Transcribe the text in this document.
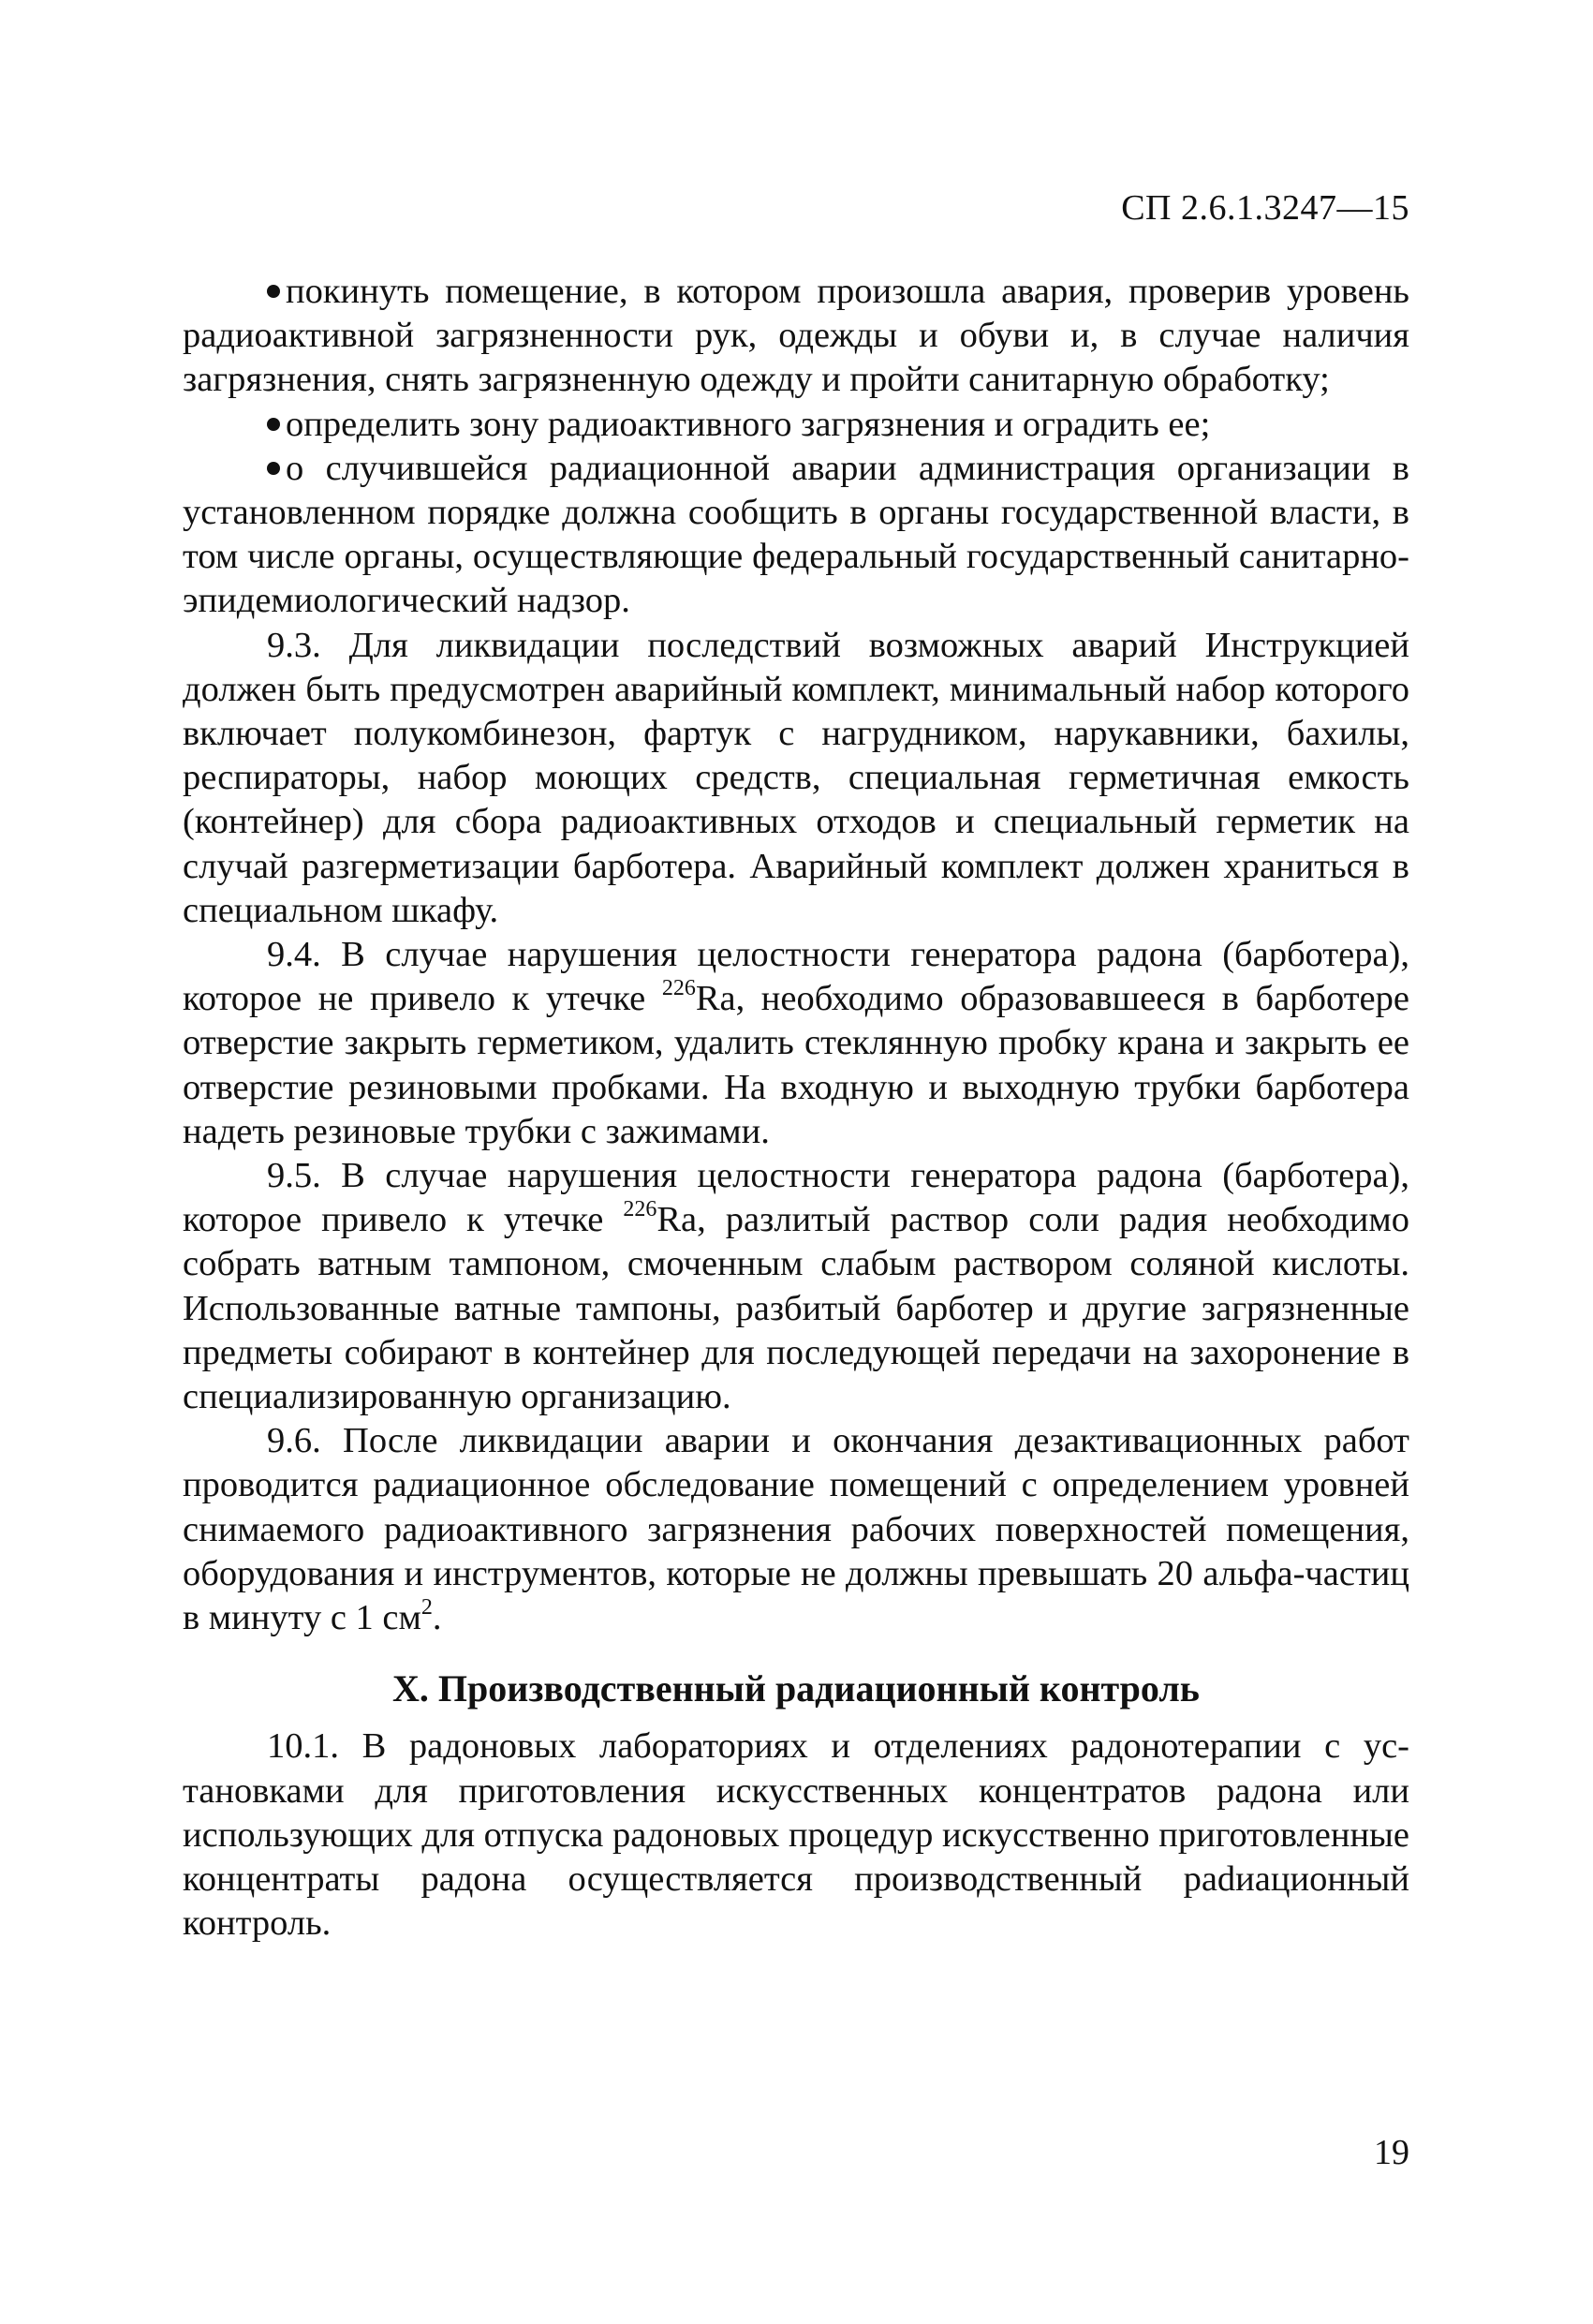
СП 2.6.1.3247—15

покинуть помещение, в котором произошла авария, проверив уровень радиоактивной загрязненности рук, одежды и обуви и, в случае наличия загрязнения, снять загрязненную одежду и пройти санитарную обработку;

определить зону радиоактивного загрязнения и оградить ее;

о случившейся радиационной аварии администрация организации в установленном порядке должна сообщить в органы государственной власти, в том числе органы, осуществляющие федеральный государственный санитарно-эпидемиологический надзор.

9.3. Для ликвидации последствий возможных аварий Инструкцией должен быть предусмотрен аварийный комплект, минимальный набор которого включает полукомбинезон, фартук с нагрудником, нарукавники, бахилы, респираторы, набор моющих средств, специальная герметичная емкость (контейнер) для сбора радиоактивных отходов и специальный герметик на случай разгерметизации барботера. Аварийный комплект должен храниться в специальном шкафу.

9.4. В случае нарушения целостности генератора радона (барботера), которое не привело к утечке $^{226}$Ra, необходимо образовавшееся в барботере отверстие закрыть герметиком, удалить стеклянную пробку крана и закрыть ее отверстие резиновыми пробками. На входную и выходную трубки барботера надеть резиновые трубки с зажимами.

9.5. В случае нарушения целостности генератора радона (барботера), которое привело к утечке $^{226}$Ra, разлитый раствор соли радия необходимо собрать ватным тампоном, смоченным слабым раствором соляной кислоты. Использованные ватные тампоны, разбитый барботер и другие загрязненные предметы собирают в контейнер для последующей передачи на захоронение в специализированную организацию.

9.6. После ликвидации аварии и окончания дезактивационных работ проводится радиационное обследование помещений с определением уровней снимаемого радиоактивного загрязнения рабочих поверхностей помещения, оборудования и инструментов, которые не должны превышать 20 альфа-частиц в минуту с 1 $см^2$.

X. Производственный радиационный контроль

10.1. В радоновых лабораториях и отделениях радонотерапии с установками для приготовления искусственных концентратов радона или использующих для отпуска радоновых процедур искусственно приготовленные концентраты радона осуществляется производственный раdиационный контроль.

19
